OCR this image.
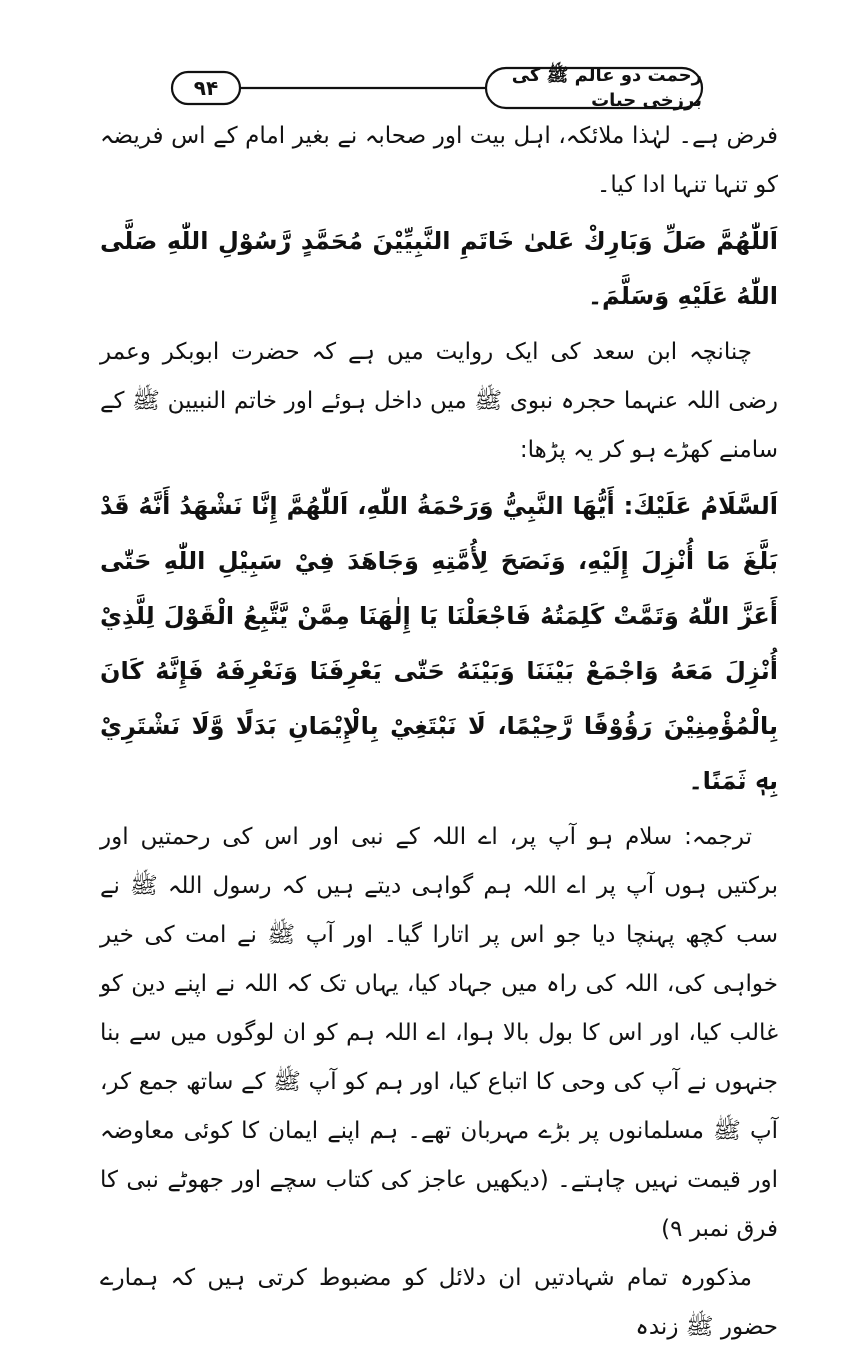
۹۴
رحمت دو عالم ﷺ کی برزخی حیات

فرض ہے۔ لہٰذا ملائکہ، اہل بیت اور صحابہ نے بغیر امام کے اس فریضہ کو تنہا تنہا ادا کیا۔

اَللّٰهُمَّ صَلِّ وَبَارِكْ عَلىٰ خَاتَمِ النَّبِيِّيْنَ مُحَمَّدٍ رَّسُوْلِ اللّٰهِ صَلَّى اللّٰهُ عَلَيْهِ وَسَلَّمَ۔

چنانچہ ابن سعد کی ایک روایت میں ہے کہ حضرت ابوبکر وعمر رضی اللہ عنہما حجرہ نبوی ﷺ میں داخل ہوئے اور خاتم النبیین ﷺ کے سامنے کھڑے ہو کر یہ پڑھا:

اَلسَّلَامُ عَلَيْكَ: أَيُّهَا النَّبِيُّ وَرَحْمَةُ اللّٰهِ، اَللّٰهُمَّ إِنَّا نَشْهَدُ أَنَّهُ قَدْ بَلَّغَ مَا أُنْزِلَ إِلَيْهِ، وَنَصَحَ لِأُمَّتِهِ وَجَاهَدَ فِيْ سَبِيْلِ اللّٰهِ حَتّٰى أَعَزَّ اللّٰهُ وَتَمَّتْ كَلِمَتُهُ فَاجْعَلْنَا يَا إِلٰهَنَا مِمَّنْ يَّتَّبِعُ الْقَوْلَ لِلَّذِيْ أُنْزِلَ مَعَهُ وَاجْمَعْ بَيْنَنَا وَبَيْنَهُ حَتّٰى يَعْرِفَنَا وَنَعْرِفَهُ فَإِنَّهُ كَانَ بِالْمُؤْمِنِيْنَ رَؤُوْفًا رَّحِيْمًا، لَا نَبْتَغِيْ بِالْإِيْمَانِ بَدَلًا وَّلَا نَشْتَرِيْ بِهٖ ثَمَنًا۔

ترجمہ: سلام ہو آپ پر، اے اللہ کے نبی اور اس کی رحمتیں اور برکتیں ہوں آپ پر اے اللہ ہم گواہی دیتے ہیں کہ رسول اللہ ﷺ نے سب کچھ پہنچا دیا جو اس پر اتارا گیا۔ اور آپ ﷺ نے امت کی خیر خواہی کی، اللہ کی راہ میں جہاد کیا، یہاں تک کہ اللہ نے اپنے دین کو غالب کیا، اور اس کا بول بالا ہوا، اے اللہ ہم کو ان لوگوں میں سے بنا جنہوں نے آپ کی وحی کا اتباع کیا، اور ہم کو آپ ﷺ کے ساتھ جمع کر، آپ ﷺ مسلمانوں پر بڑے مہربان تھے۔ ہم اپنے ایمان کا کوئی معاوضہ اور قیمت نہیں چاہتے۔ (دیکھیں عاجز کی کتاب سچے اور جھوٹے نبی کا فرق نمبر ۹)

مذکورہ تمام شہادتیں ان دلائل کو مضبوط کرتی ہیں کہ ہمارے حضور ﷺ زندہ
